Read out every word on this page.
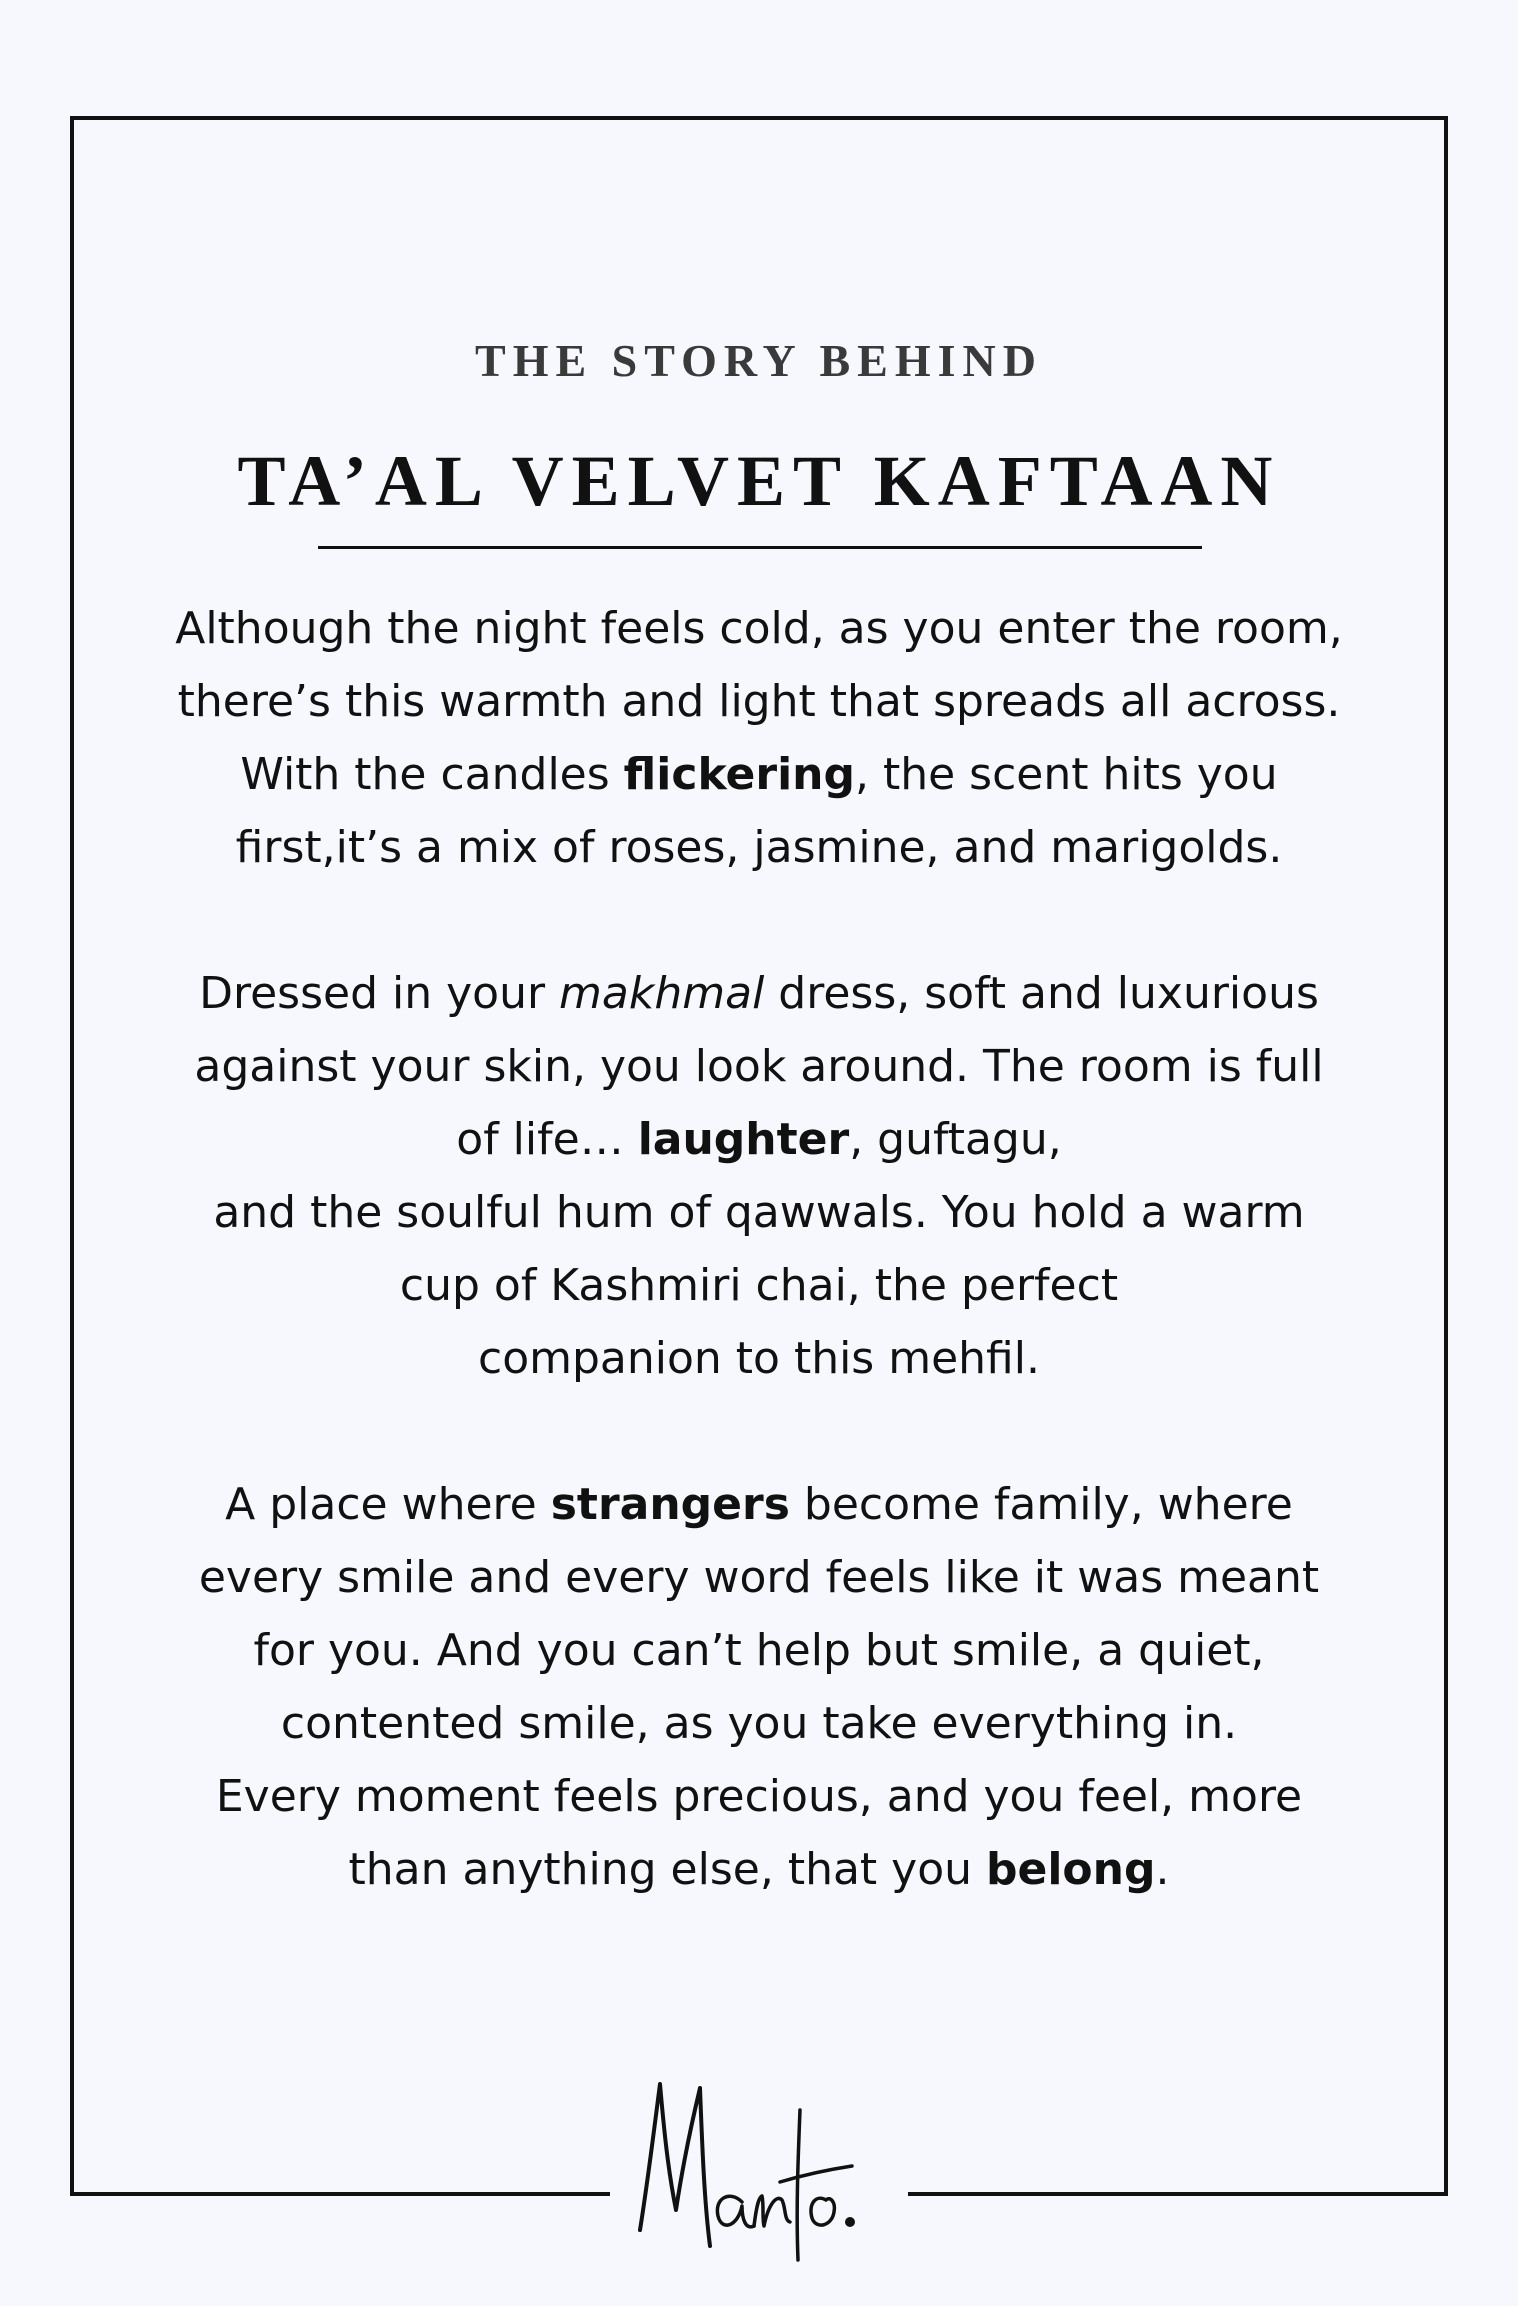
THE STORY BEHIND
TA’AL VELVET KAFTAAN

Although the night feels cold, as you enter the room,
there’s this warmth and light that spreads all across.
With the candles flickering, the scent hits you
first,it’s a mix of roses, jasmine, and marigolds.

Dressed in your makhmal dress, soft and luxurious
against your skin, you look around. The room is full
of life… laughter, guftagu,
and the soulful hum of qawwals. You hold a warm
cup of Kashmiri chai, the perfect
companion to this mehfil.

A place where strangers become family, where
every smile and every word feels like it was meant
for you. And you can’t help but smile, a quiet,
contented smile, as you take everything in.
Every moment feels precious, and you feel, more
than anything else, that you belong.
